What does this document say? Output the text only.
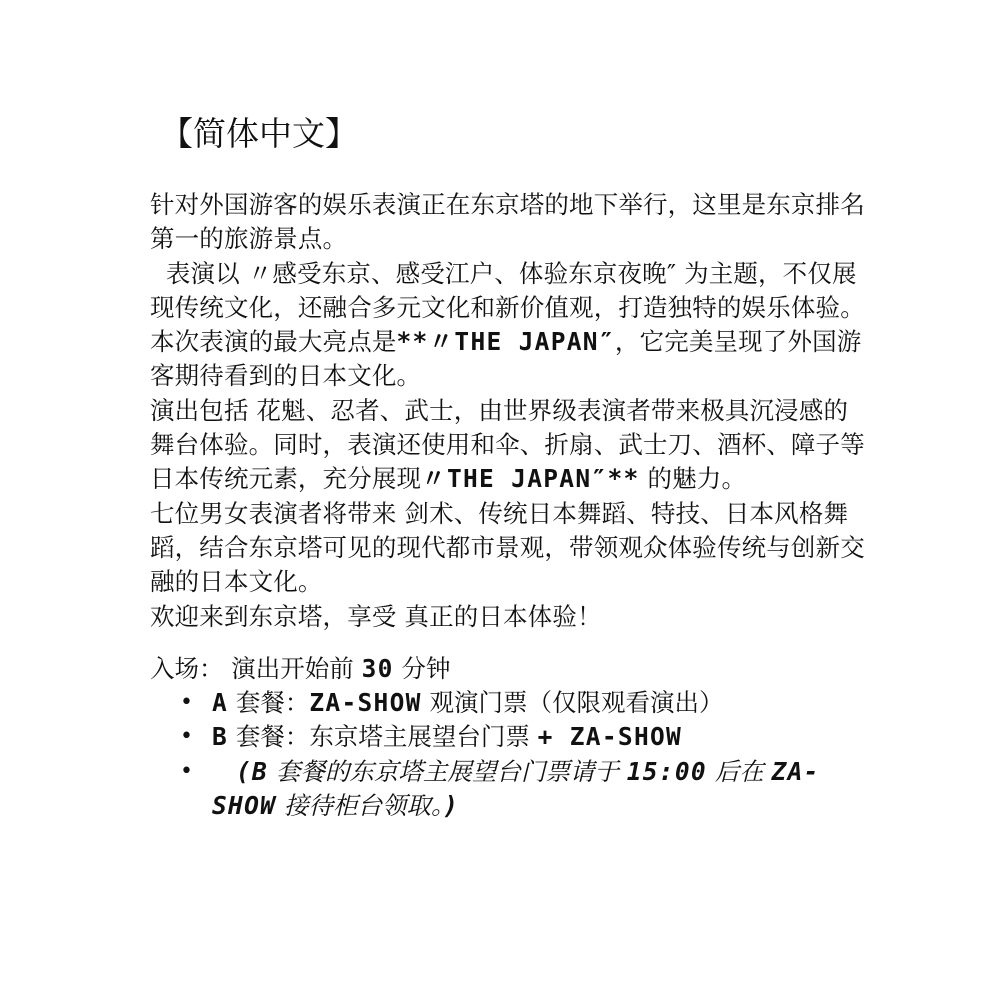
【简体中文】
针对外国游客的娱乐表演正在东京塔的地下举行，这里是东京排名第一的旅游景点。
表演以 〃感受东京、感受江户、体验东京夜晚″ 为主题，不仅展现传统文化，还融合多元文化和新价值观，打造独特的娱乐体验。
本次表演的最大亮点是**〃THE JAPAN″，它完美呈现了外国游客期待看到的日本文化。
演出包括 花魁、忍者、武士，由世界级表演者带来极具沉浸感的舞台体验。同时，表演还使用和伞、折扇、武士刀、酒杯、障子等日本传统元素，充分展现〃THE JAPAN″** 的魅力。
七位男女表演者将带来 剑术、传统日本舞蹈、特技、日本风格舞蹈，结合东京塔可见的现代都市景观，带领观众体验传统与创新交融的日本文化。
欢迎来到东京塔，享受 真正的日本体验！
入场： 演出开始前 30 分钟
• A 套餐：ZA-SHOW 观演门票（仅限观看演出）
• B 套餐：东京塔主展望台门票 + ZA-SHOW
• (B 套餐的东京塔主展望台门票请于 15:00 后在 ZA-SHOW 接待柜台领取。)
